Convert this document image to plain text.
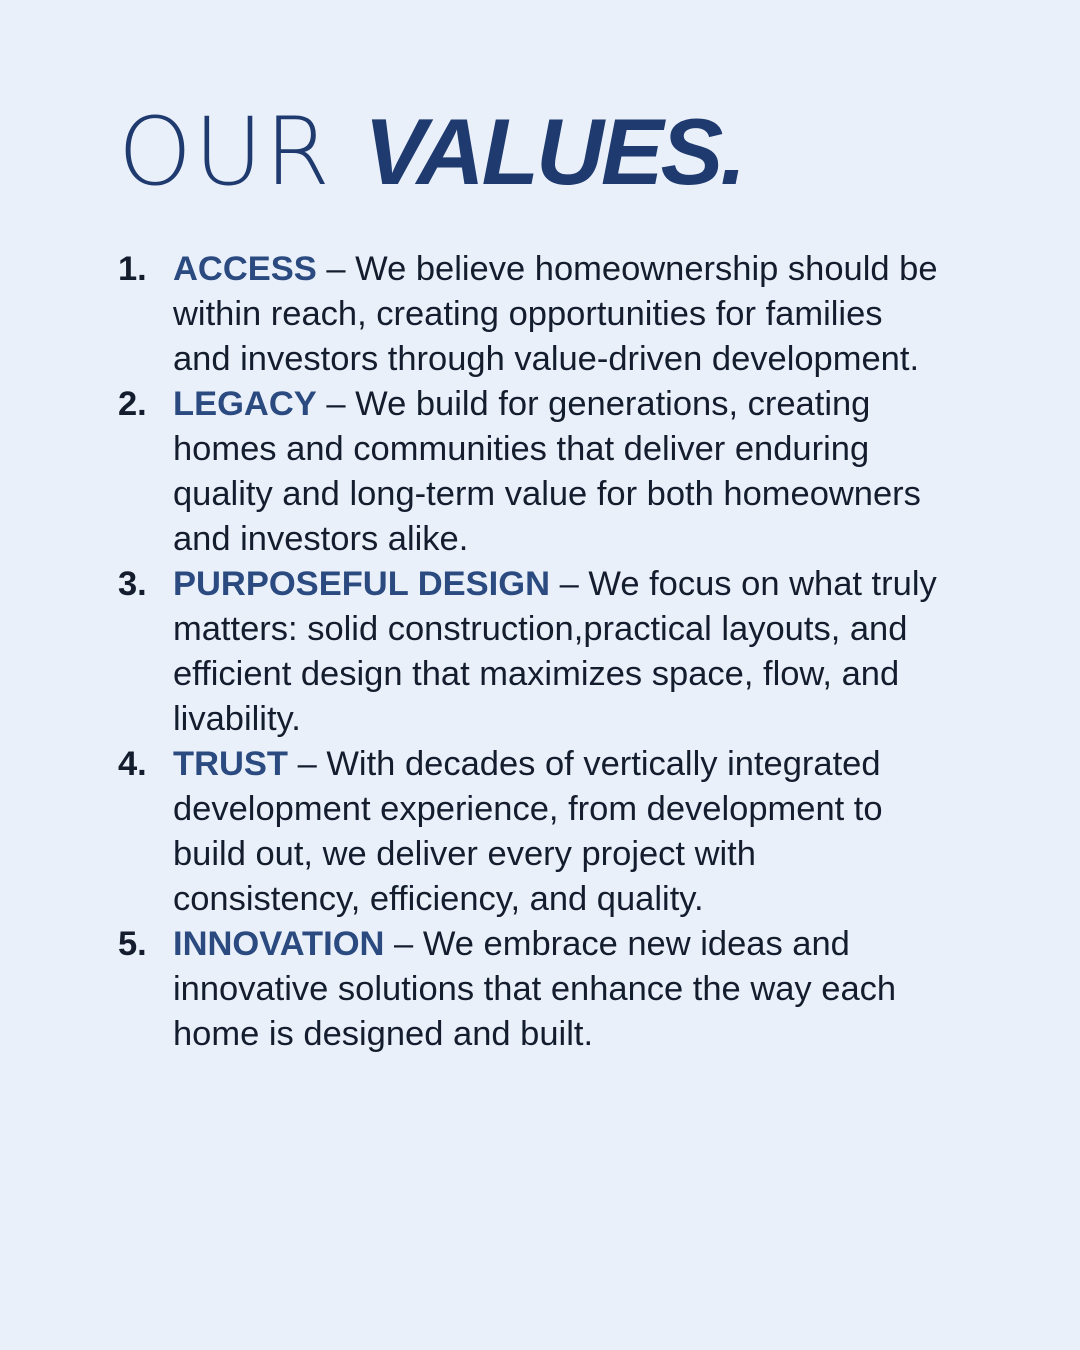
OUR VALUES.
1. ACCESS – We believe homeownership should be within reach, creating opportunities for families and investors through value-driven development.
2. LEGACY – We build for generations, creating homes and communities that deliver enduring quality and long-term value for both homeowners and investors alike.
3. PURPOSEFUL DESIGN – We focus on what truly matters: solid construction,practical layouts, and efficient design that maximizes space, flow, and livability.
4. TRUST – With decades of vertically integrated development experience, from development to build out, we deliver every project with consistency, efficiency, and quality.
5. INNOVATION – We embrace new ideas and innovative solutions that enhance the way each home is designed and built.
